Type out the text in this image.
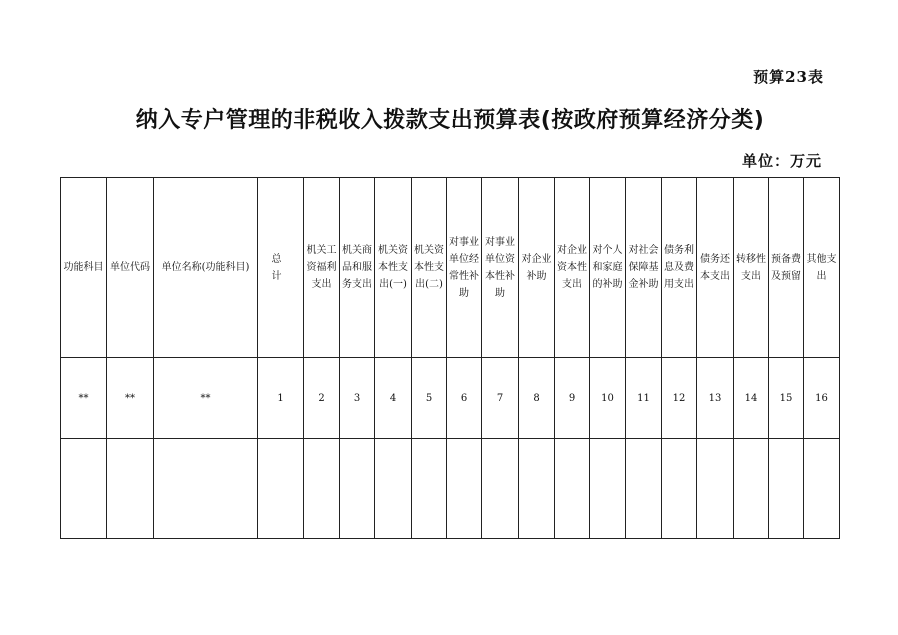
预算23表
纳入专户管理的非税收入拨款支出预算表(按政府预算经济分类)
单位：万元
功能科目	单位代码	单位名称(功能科目)	总　计	机关工资福利支出	机关商品和服务支出	机关资本性支出(一)	机关资本性支出(二)	对事业单位经常性补助	对事业单位资本性补助	对企业补助	对企业资本性支出	对个人和家庭的补助	对社会保障基金补助	债务利息及费用支出	债务还本支出	转移性支出	预备费及预留	其他支出
**	**	**	1	2	3	4	5	6	7	8	9	10	11	12	13	14	15	16
